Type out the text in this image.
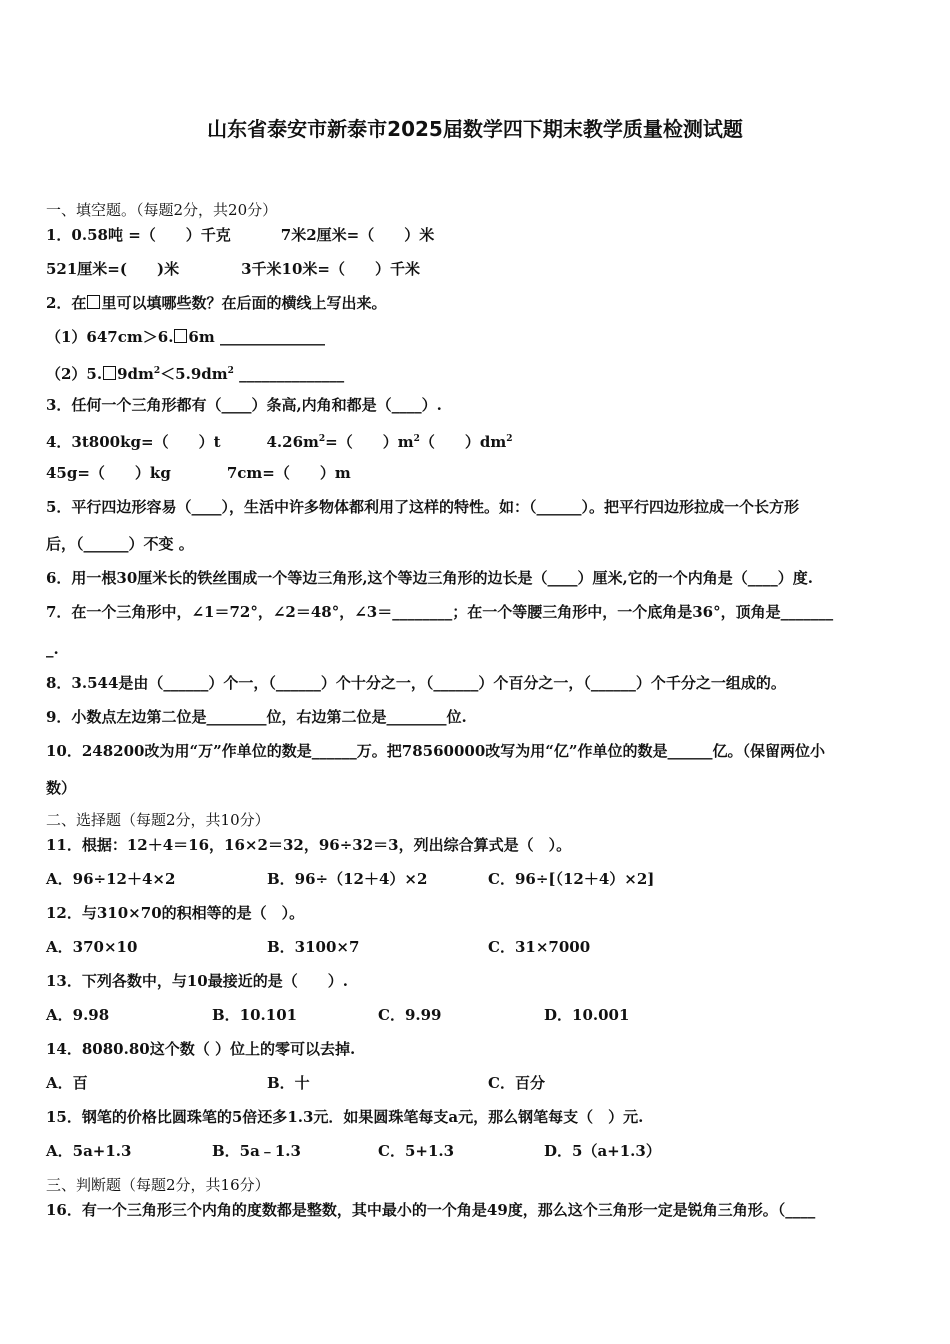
山东省泰安市新泰市2025届数学四下期末教学质量检测试题
一、填空题。（每题2分，共20分）
1．0.58吨 =（　　）千克	7米2厘米=（　　）米
521厘米=(　　)米	3千米10米=（　　）千米
2．在 里可以填哪些数？在后面的横线上写出来。
（1）647cm＞6. 6m ______________
（2）5. $9dm^2<5.9dm^2$ ______________
3．任何一个三角形都有（____）条高,内角和都是（____）.
4．3t800kg=（　　）t	$4.26m^2=$（　　）$m^2$（　　）$dm^2$
45g=（　　）kg	7cm=（　　）m
5．平行四边形容易（____），生活中许多物体都利用了这样的特性。如：（______）。把平行四边形拉成一个长方形
后，（______）不变 。
6．用一根30厘米长的铁丝围成一个等边三角形,这个等边三角形的边长是（____）厘米,它的一个内角是（____）度.
7．在一个三角形中，∠1＝72°，∠2＝48°，∠3＝________；在一个等腰三角形中，一个底角是36°，顶角是_______
_.
8．3.544是由（______）个一，（______）个十分之一，（______）个百分之一，（______）个千分之一组成的。
9．小数点左边第二位是________位，右边第二位是________位.
10．248200改为用“万”作单位的数是______万。把78560000改写为用“亿”作单位的数是______亿。（保留两位小
数）
二、选择题（每题2分，共10分）
11．根据：12＋4＝16，16×2＝32，96÷32＝3，列出综合算式是（　）。
A．96÷12＋4×2	B．96÷（12＋4）×2	C．96÷[（12＋4）×2]
12．与310×70的积相等的是（　）。
A．370×10	B．3100×7	C．31×7000
13．下列各数中，与10最接近的是（　　）.
A．9.98	B．10.101	C．9.99	D．10.001
14．8080.80这个数（ ）位上的零可以去掉.
A．百	B．十	C．百分
15．钢笔的价格比圆珠笔的5倍还多1.3元．如果圆珠笔每支a元，那么钢笔每支（　）元.
A．5a+1.3	B．5a﹣1.3	C．5+1.3	D．5（a+1.3）
三、判断题（每题2分，共16分）
16．有一个三角形三个内角的度数都是整数，其中最小的一个角是49度，那么这个三角形一定是锐角三角形。（____
